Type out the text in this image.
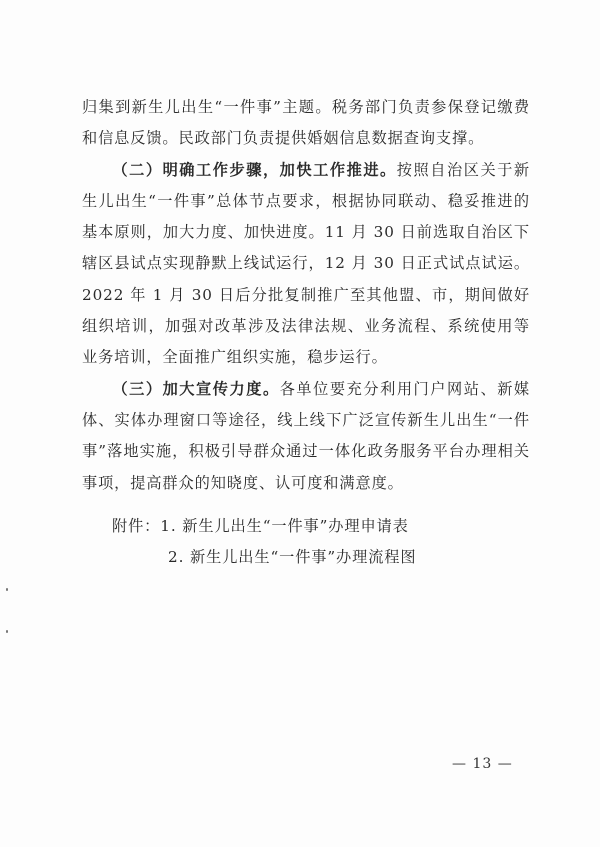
归集到新生儿出生“一件事”主题。税务部门负责参保登记缴费和信息反馈。民政部门负责提供婚姻信息数据查询支撑。

（二）明确工作步骤，加快工作推进。按照自治区关于新生儿出生“一件事”总体节点要求，根据协同联动、稳妥推进的基本原则，加大力度、加快进度。11 月 30 日前选取自治区下辖区县试点实现静默上线试运行，12 月 30 日正式试点试运。2022 年 1 月 30 日后分批复制推广至其他盟、市，期间做好组织培训，加强对改革涉及法律法规、业务流程、系统使用等业务培训，全面推广组织实施，稳步运行。

（三）加大宣传力度。各单位要充分利用门户网站、新媒体、实体办理窗口等途径，线上线下广泛宣传新生儿出生“一件事”落地实施，积极引导群众通过一体化政务服务平台办理相关事项，提高群众的知晓度、认可度和满意度。

附件：1. 新生儿出生“一件事”办理申请表
2. 新生儿出生“一件事”办理流程图
— 13 —
